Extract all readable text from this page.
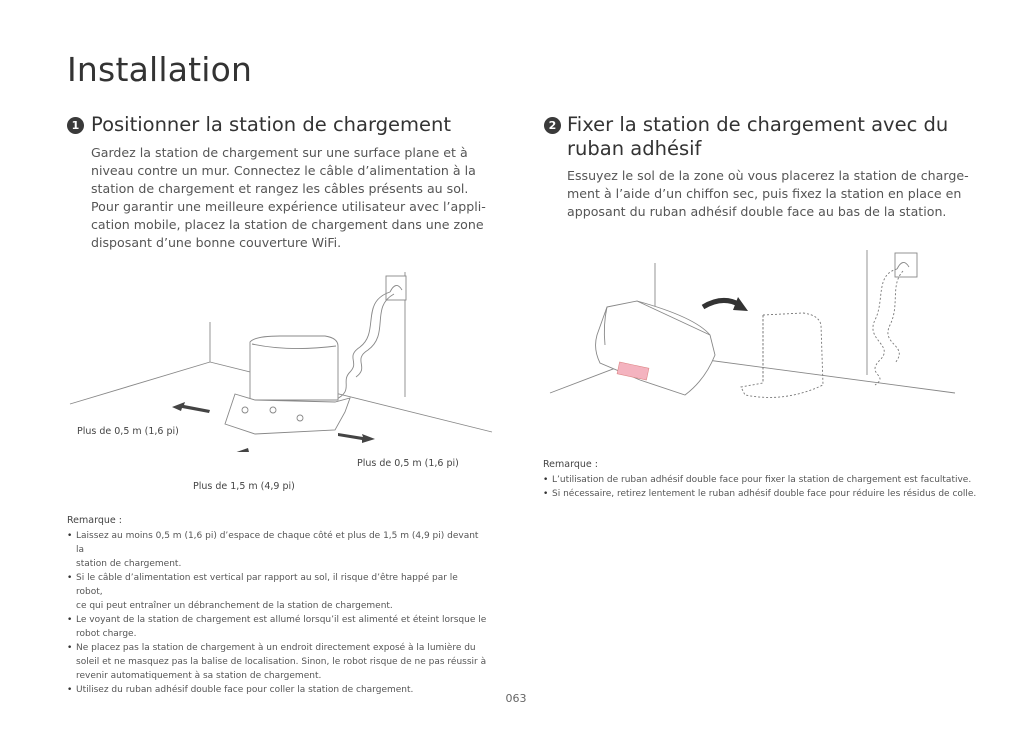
Installation
1 Positionner la station de chargement
Gardez la station de chargement sur une surface plane et à
niveau contre un mur. Connectez le câble d’alimentation à la
station de chargement et rangez les câbles présents au sol.
Pour garantir une meilleure expérience utilisateur avec l’appli-
cation mobile, placez la station de chargement dans une zone
disposant d’une bonne couverture WiFi.
Plus de 0,5 m (1,6 pi)
Plus de 0,5 m (1,6 pi)
Plus de 1,5 m (4,9 pi)
Remarque :
• Laissez au moins 0,5 m (1,6 pi) d’espace de chaque côté et plus de 1,5 m (4,9 pi) devant la
station de chargement.
• Si le câble d’alimentation est vertical par rapport au sol, il risque d’être happé par le robot,
ce qui peut entraîner un débranchement de la station de chargement.
• Le voyant de la station de chargement est allumé lorsqu’il est alimenté et éteint lorsque le
robot charge.
• Ne placez pas la station de chargement à un endroit directement exposé à la lumière du
soleil et ne masquez pas la balise de localisation. Sinon, le robot risque de ne pas réussir à
revenir automatiquement à sa station de chargement.
• Utilisez du ruban adhésif double face pour coller la station de chargement.
2 Fixer la station de chargement avec du
ruban adhésif
Essuyez le sol de la zone où vous placerez la station de charge-
ment à l’aide d’un chiffon sec, puis fixez la station en place en
apposant du ruban adhésif double face au bas de la station.
Remarque :
• L’utilisation de ruban adhésif double face pour fixer la station de chargement est facultative.
• Si nécessaire, retirez lentement le ruban adhésif double face pour réduire les résidus de colle.
063
